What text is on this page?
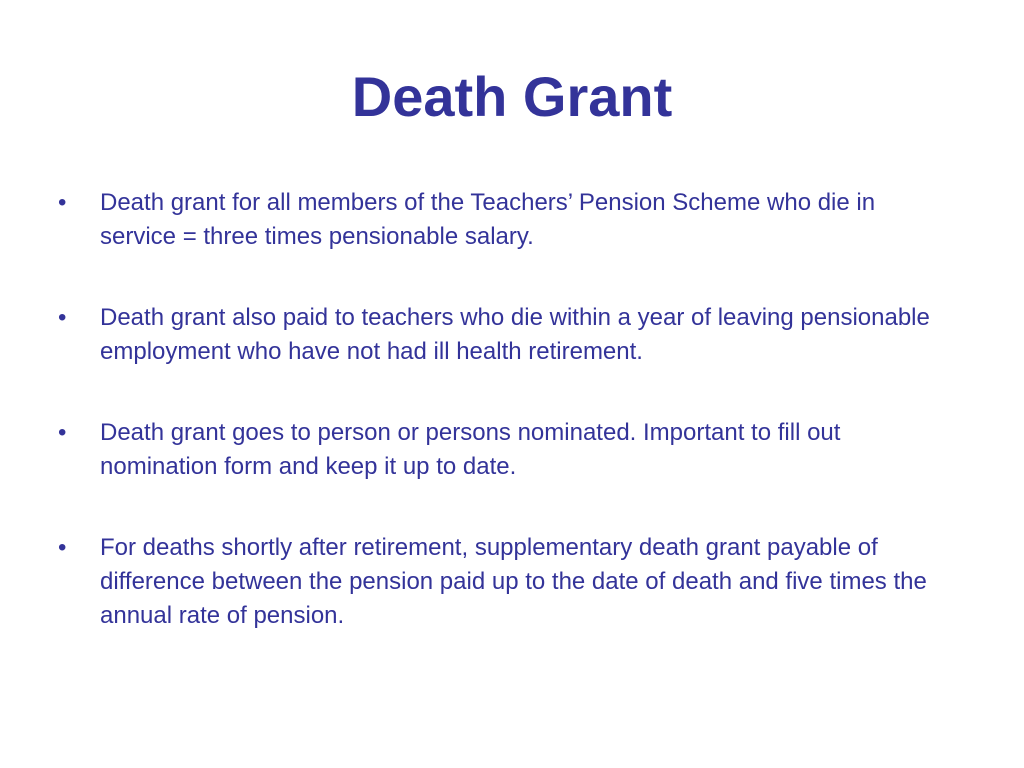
Death Grant
•	Death grant for all members of the Teachers’ Pension Scheme who die in service = three times pensionable salary.
•	Death grant also paid to teachers who die within a year of leaving pensionable employment who have not had ill health retirement.
•	Death grant goes to person or persons nominated. Important to fill out nomination form and keep it up to date.
•	For deaths shortly after retirement, supplementary death grant payable of difference between the pension paid up to the date of death and five times the annual rate of pension.
